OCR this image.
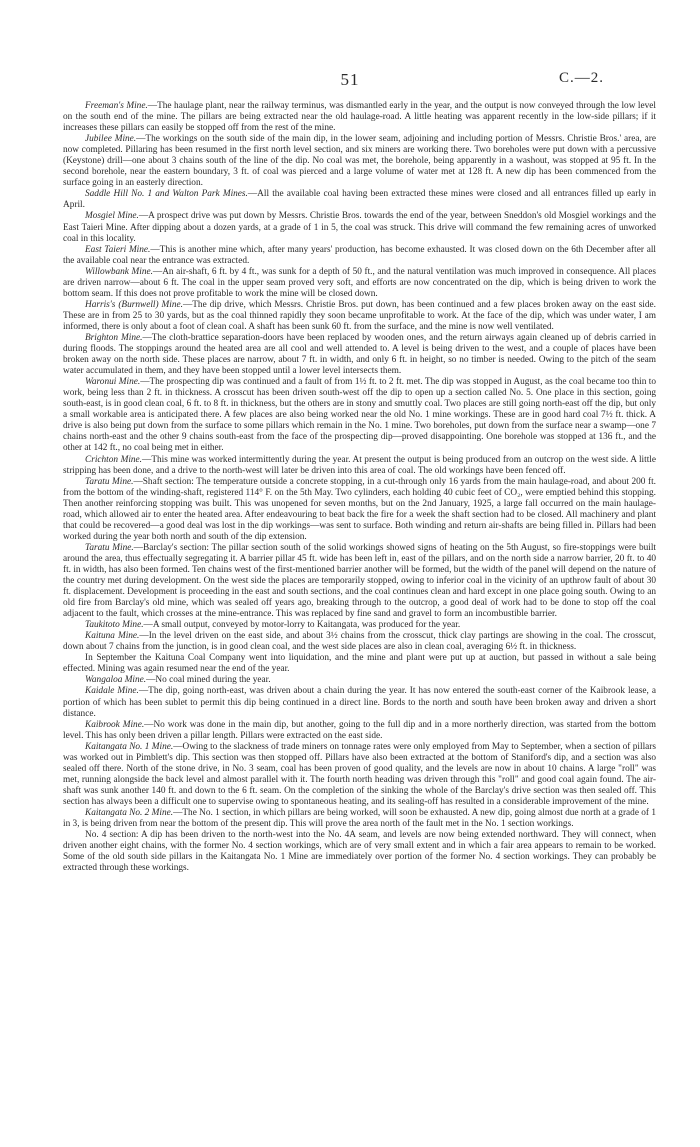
51	C.—2.

Freeman's Mine.—The haulage plant, near the railway terminus, was dismantled early in the year, and the output is now conveyed through the low level on the south end of the mine. The pillars are being extracted near the old haulage-road. A little heating was apparent recently in the low-side pillars; if it increases these pillars can easily be stopped off from the rest of the mine.

Jubilee Mine.—The workings on the south side of the main dip, in the lower seam, adjoining and including portion of Messrs. Christie Bros.' area, are now completed. Pillaring has been resumed in the first north level section, and six miners are working there. Two boreholes were put down with a percussive (Keystone) drill—one about 3 chains south of the line of the dip. No coal was met, the borehole, being apparently in a washout, was stopped at 95 ft. In the second borehole, near the eastern boundary, 3 ft. of coal was pierced and a large volume of water met at 128 ft. A new dip has been commenced from the surface going in an easterly direction.

Saddle Hill No. 1 and Walton Park Mines.—All the available coal having been extracted these mines were closed and all entrances filled up early in April.

Mosgiel Mine.—A prospect drive was put down by Messrs. Christie Bros. towards the end of the year, between Sneddon's old Mosgiel workings and the East Taieri Mine. After dipping about a dozen yards, at a grade of 1 in 5, the coal was struck. This drive will command the few remaining acres of unworked coal in this locality.

East Taieri Mine.—This is another mine which, after many years' production, has become exhausted. It was closed down on the 6th December after all the available coal near the entrance was extracted.

Willowbank Mine.—An air-shaft, 6 ft. by 4 ft., was sunk for a depth of 50 ft., and the natural ventilation was much improved in consequence. All places are driven narrow—about 6 ft. The coal in the upper seam proved very soft, and efforts are now concentrated on the dip, which is being driven to work the bottom seam. If this does not prove profitable to work the mine will be closed down.

Harris's (Burnwell) Mine.—The dip drive, which Messrs. Christie Bros. put down, has been continued and a few places broken away on the east side. These are in from 25 to 30 yards, but as the coal thinned rapidly they soon became unprofitable to work. At the face of the dip, which was under water, I am informed, there is only about a foot of clean coal. A shaft has been sunk 60 ft. from the surface, and the mine is now well ventilated.

Brighton Mine.—The cloth-brattice separation-doors have been replaced by wooden ones, and the return airways again cleaned up of debris carried in during floods. The stoppings around the heated area are all cool and well attended to. A level is being driven to the west, and a couple of places have been broken away on the north side. These places are narrow, about 7 ft. in width, and only 6 ft. in height, so no timber is needed. Owing to the pitch of the seam water accumulated in them, and they have been stopped until a lower level intersects them.

Waronui Mine.—The prospecting dip was continued and a fault of from 1½ ft. to 2 ft. met. The dip was stopped in August, as the coal became too thin to work, being less than 2 ft. in thickness. A crosscut has been driven south-west off the dip to open up a section called No. 5. One place in this section, going south-east, is in good clean coal, 6 ft. to 8 ft. in thickness, but the others are in stony and smuttly coal. Two places are still going north-east off the dip, but only a small workable area is anticipated there. A few places are also being worked near the old No. 1 mine workings. These are in good hard coal 7½ ft. thick. A drive is also being put down from the surface to some pillars which remain in the No. 1 mine. Two boreholes, put down from the surface near a swamp—one 7 chains north-east and the other 9 chains south-east from the face of the prospecting dip—proved disappointing. One borehole was stopped at 136 ft., and the other at 142 ft., no coal being met in either.

Crichton Mine.—This mine was worked intermittently during the year. At present the output is being produced from an outcrop on the west side. A little stripping has been done, and a drive to the north-west will later be driven into this area of coal. The old workings have been fenced off.

Taratu Mine.—Shaft section: The temperature outside a concrete stopping, in a cut-through only 16 yards from the main haulage-road, and about 200 ft. from the bottom of the winding-shaft, registered 114° F. on the 5th May. Two cylinders, each holding 40 cubic feet of CO₂, were emptied behind this stopping. Then another reinforcing stopping was built. This was unopened for seven months, but on the 2nd January, 1925, a large fall occurred on the main haulage-road, which allowed air to enter the heated area. After endeavouring to beat back the fire for a week the shaft section had to be closed. All machinery and plant that could be recovered—a good deal was lost in the dip workings—was sent to surface. Both winding and return air-shafts are being filled in. Pillars had been worked during the year both north and south of the dip extension.

Taratu Mine.—Barclay's section: The pillar section south of the solid workings showed signs of heating on the 5th August, so fire-stoppings were built around the area, thus effectually segregating it. A barrier pillar 45 ft. wide has been left in, east of the pillars, and on the north side a narrow barrier, 20 ft. to 40 ft. in width, has also been formed. Ten chains west of the first-mentioned barrier another will be formed, but the width of the panel will depend on the nature of the country met during development. On the west side the places are temporarily stopped, owing to inferior coal in the vicinity of an upthrow fault of about 30 ft. displacement. Development is proceeding in the east and south sections, and the coal continues clean and hard except in one place going south. Owing to an old fire from Barclay's old mine, which was sealed off years ago, breaking through to the outcrop, a good deal of work had to be done to stop off the coal adjacent to the fault, which crosses at the mine-entrance. This was replaced by fine sand and gravel to form an incombustible barrier.

Taukitoto Mine.—A small output, conveyed by motor-lorry to Kaitangata, was produced for the year.

Kaituna Mine.—In the level driven on the east side, and about 3½ chains from the crosscut, thick clay partings are showing in the coal. The crosscut, down about 7 chains from the junction, is in good clean coal, and the west side places are also in clean coal, averaging 6½ ft. in thickness.

In September the Kaituna Coal Company went into liquidation, and the mine and plant were put up at auction, but passed in without a sale being effected. Mining was again resumed near the end of the year.

Wangaloa Mine.—No coal mined during the year.

Kaidale Mine.—The dip, going north-east, was driven about a chain during the year. It has now entered the south-east corner of the Kaibrook lease, a portion of which has been sublet to permit this dip being continued in a direct line. Bords to the north and south have been broken away and driven a short distance.

Kaibrook Mine.—No work was done in the main dip, but another, going to the full dip and in a more northerly direction, was started from the bottom level. This has only been driven a pillar length. Pillars were extracted on the east side.

Kaitangata No. 1 Mine.—Owing to the slackness of trade miners on tonnage rates were only employed from May to September, when a section of pillars was worked out in Pimblett's dip. This section was then stopped off. Pillars have also been extracted at the bottom of Staniford's dip, and a section was also sealed off there. North of the stone drive, in No. 3 seam, coal has been proven of good quality, and the levels are now in about 10 chains. A large "roll" was met, running alongside the back level and almost parallel with it. The fourth north heading was driven through this "roll" and good coal again found. The air-shaft was sunk another 140 ft. and down to the 6 ft. seam. On the completion of the sinking the whole of the Barclay's drive section was then sealed off. This section has always been a difficult one to supervise owing to spontaneous heating, and its sealing-off has resulted in a considerable improvement of the mine.

Kaitangata No. 2 Mine.—The No. 1 section, in which pillars are being worked, will soon be exhausted. A new dip, going almost due north at a grade of 1 in 3, is being driven from near the bottom of the present dip. This will prove the area north of the fault met in the No. 1 section workings.

No. 4 section: A dip has been driven to the north-west into the No. 4A seam, and levels are now being extended northward. They will connect, when driven another eight chains, with the former No. 4 section workings, which are of very small extent and in which a fair area appears to remain to be worked. Some of the old south side pillars in the Kaitangata No. 1 Mine are immediately over portion of the former No. 4 section workings. They can probably be extracted through these workings.
